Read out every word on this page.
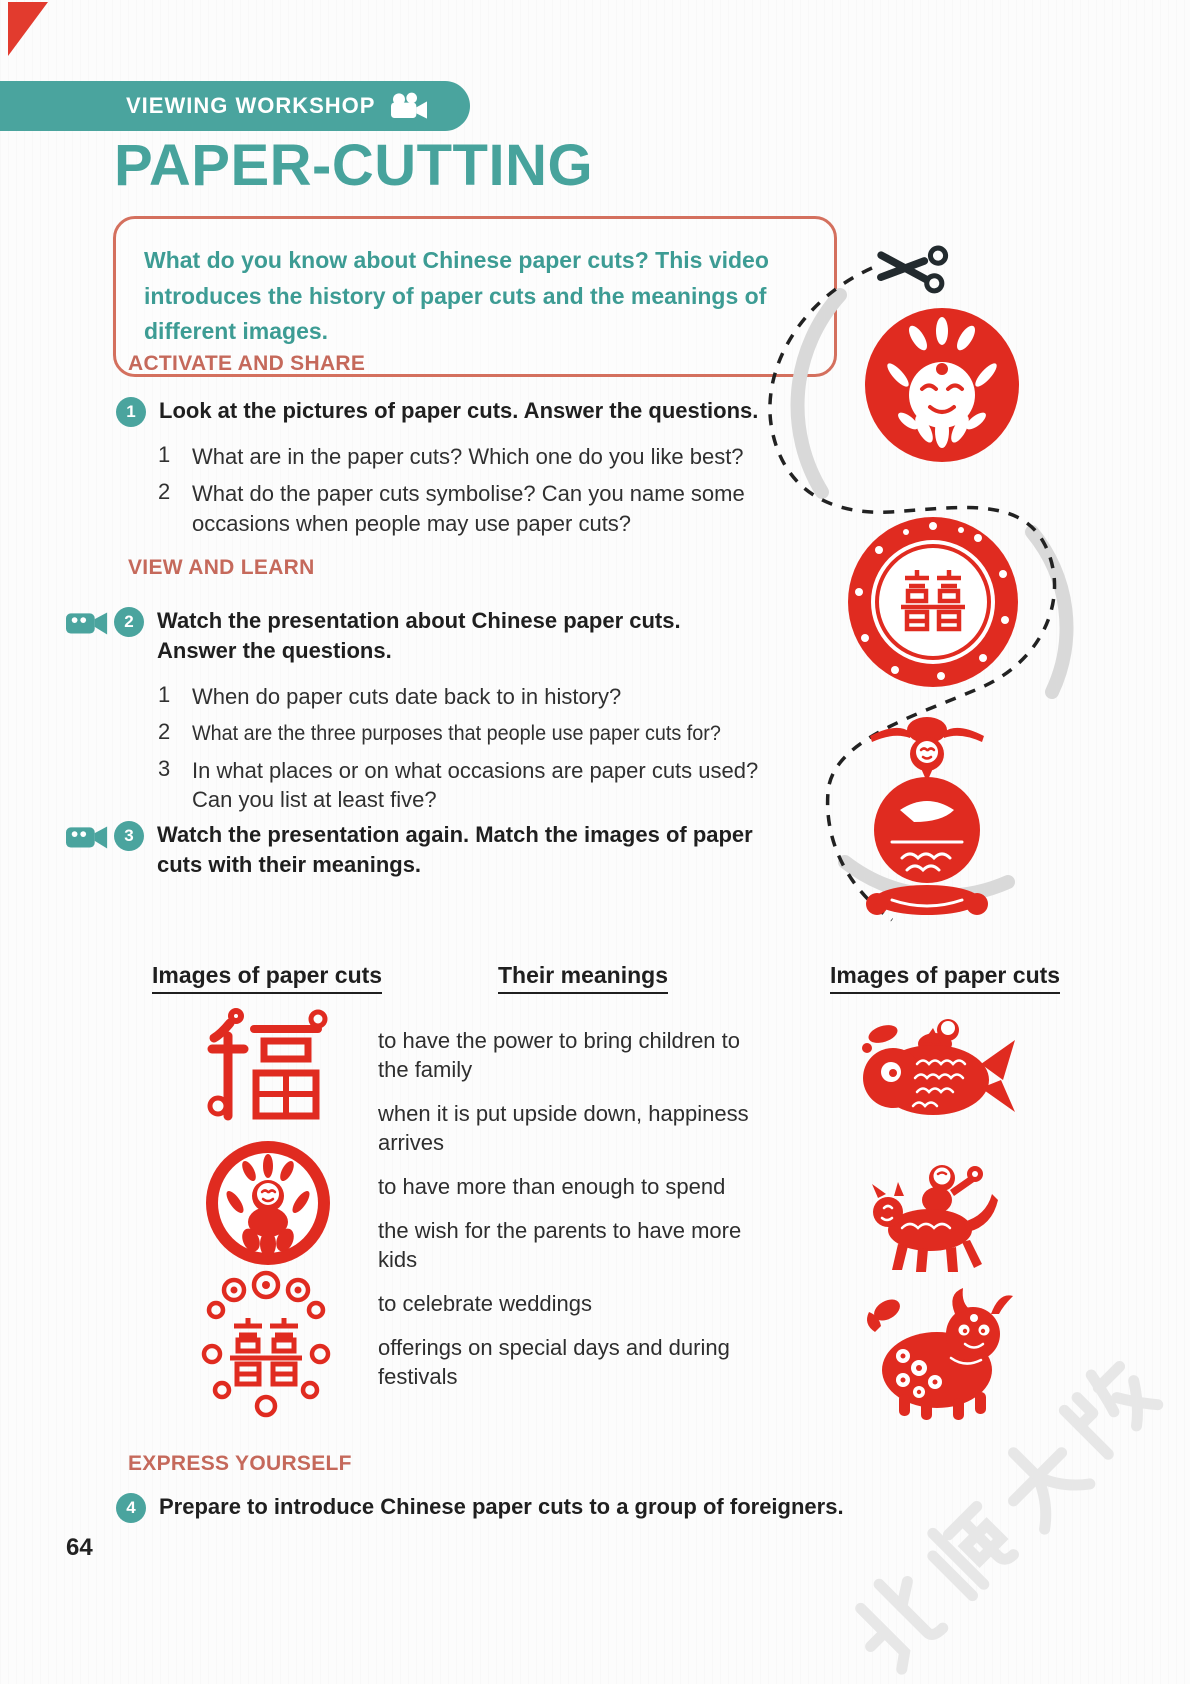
VIEWING WORKSHOP
PAPER-CUTTING
What do you know about Chinese paper cuts? This video introduces the history of paper cuts and the meanings of different images.
ACTIVATE AND SHARE
1	Look at the pictures of paper cuts. Answer the questions.
1 What are in the paper cuts? Which one do you like best?
2 What do the paper cuts symbolise? Can you name some occasions when people may use paper cuts?
VIEW AND LEARN
2	Watch the presentation about Chinese paper cuts. Answer the questions.
1 When do paper cuts date back to in history?
2	What are the three purposes that people use paper cuts for?
3 In what places or on what occasions are paper cuts used? Can you list at least five?
3	Watch the presentation again. Match the images of paper cuts with their meanings.
Images of paper cuts	Their meanings	Images of paper cuts
to have the power to bring children to the family
when it is put upside down, happiness arrives
to have more than enough to spend
the wish for the parents to have more kids
to celebrate weddings
offerings on special days and during festivals
EXPRESS YOURSELF
4	Prepare to introduce Chinese paper cuts to a group of foreigners.
64
